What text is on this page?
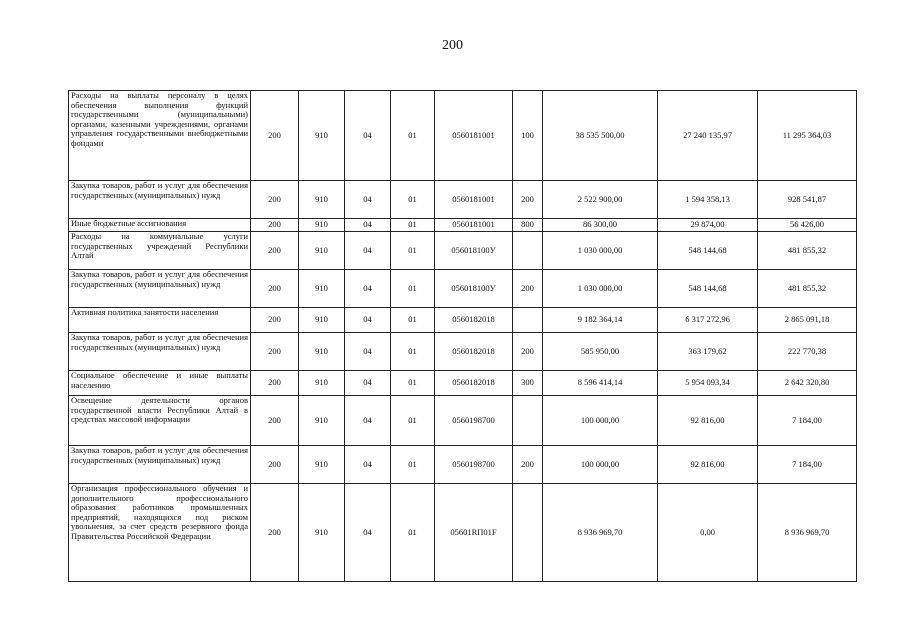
200
Расходы на выплаты персоналу в целях обеспечения выполнения функций государственными (муниципальными) органами, казенными учреждениями, органами управления государственными внебюджетными фондами	200	910	04	01	0560181001	100	38 535 500,00	27 240 135,97	11 295 364,03
Закупка товаров, работ и услуг для обеспечения государственных (муниципальных) нужд	200	910	04	01	0560181001	200	2 522 900,00	1 594 358,13	928 541,87
Иные бюджетные ассигнования	200	910	04	01	0560181001	800	86 300,00	29 874,00	56 426,00
Расходы на коммунальные услуги государственных учреждений Республики Алтай	200	910	04	01	056018100У		1 030 000,00	548 144,68	481 855,32
Закупка товаров, работ и услуг для обеспечения государственных (муниципальных) нужд	200	910	04	01	056018100У	200	1 030 000,00	548 144,68	481 855,32
Активная политика занятости населения	200	910	04	01	0560182018		9 182 364,14	6 317 272,96	2 865 091,18
Закупка товаров, работ и услуг для обеспечения государственных (муниципальных) нужд	200	910	04	01	0560182018	200	585 950,00	363 179,62	222 770,38
Социальное обеспечение и иные выплаты населению	200	910	04	01	0560182018	300	8 596 414,14	5 954 093,34	2 642 320,80
Освещение деятельности органов государственной власти Республики Алтай в средствах массовой информации	200	910	04	01	0560198700		100 000,00	92 816,00	7 184,00
Закупка товаров, работ и услуг для обеспечения государственных (муниципальных) нужд	200	910	04	01	0560198700	200	100 000,00	92 816,00	7 184,00
Организация профессионального обучения и дополнительного профессионального образования работников промышленных предприятий, находящихся под риском увольнения, за счет средств резервного фонда Правительства Российской Федерации	200	910	04	01	05601RП01F		8 936 969,70	0,00	8 936 969,70
